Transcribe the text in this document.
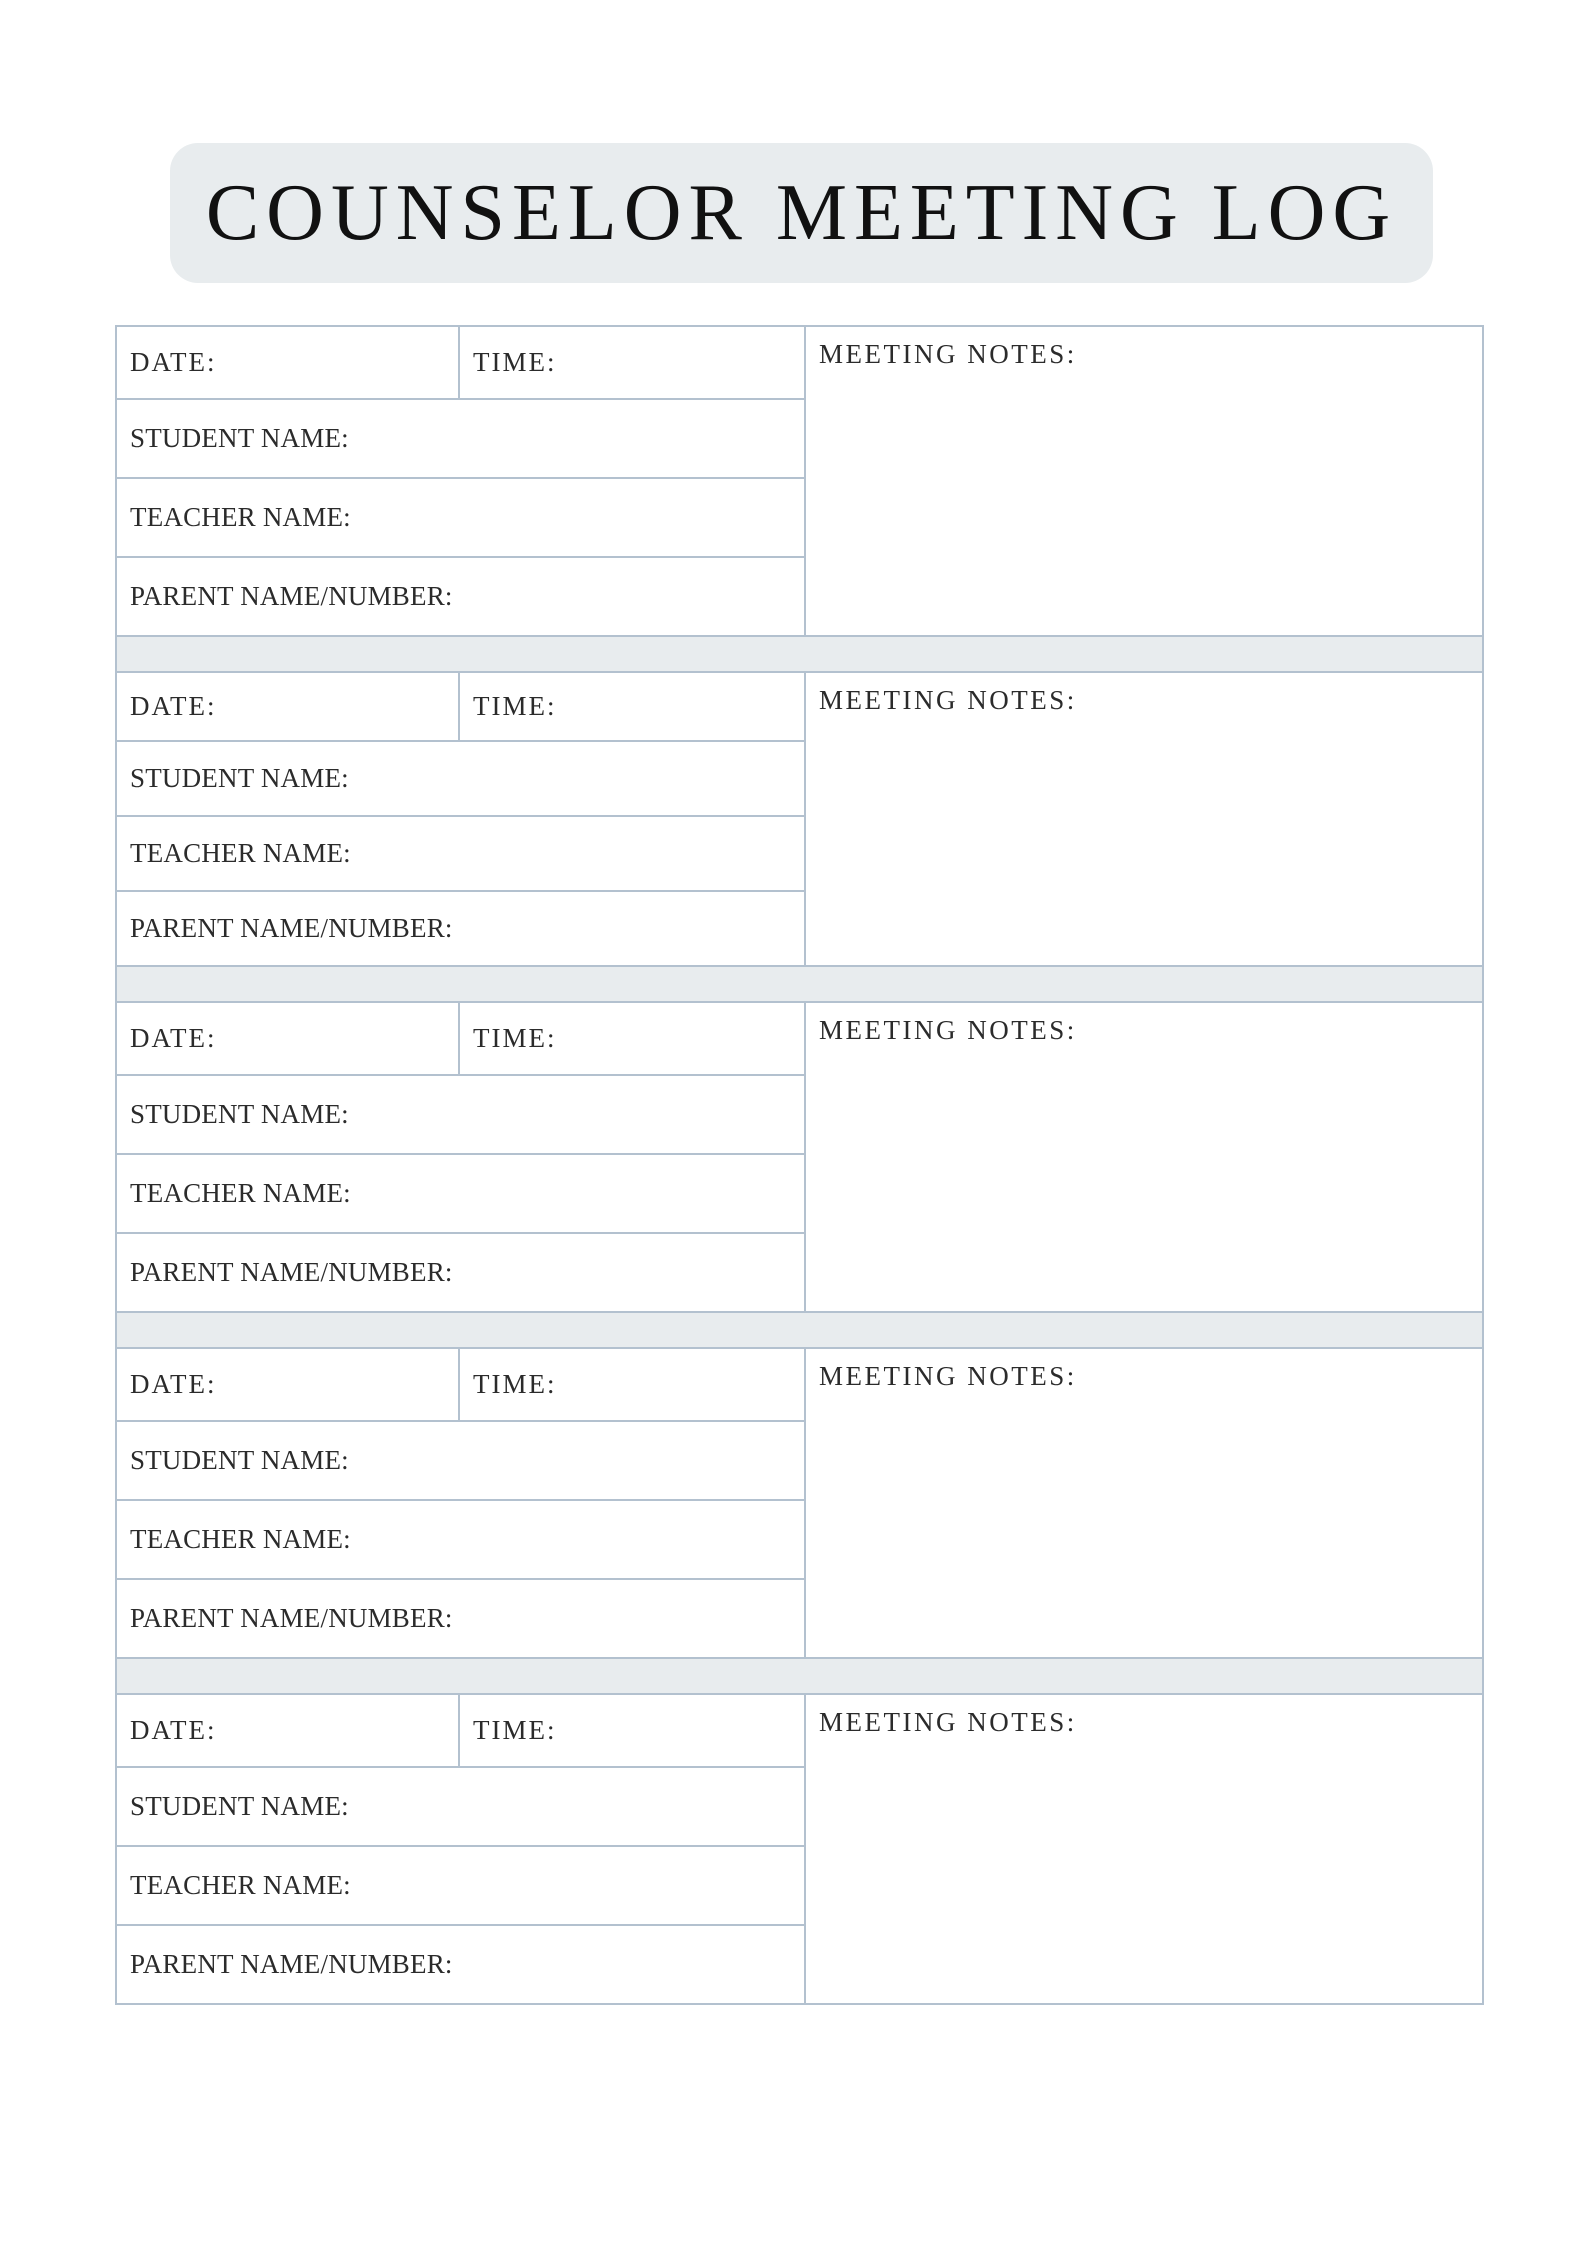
COUNSELOR MEETING LOG
DATE:	TIME:
STUDENT NAME:
TEACHER NAME:
PARENT NAME/NUMBER:
MEETING NOTES:
DATE:	TIME:
STUDENT NAME:
TEACHER NAME:
PARENT NAME/NUMBER:
MEETING NOTES:
DATE:	TIME:
STUDENT NAME:
TEACHER NAME:
PARENT NAME/NUMBER:
MEETING NOTES:
DATE:	TIME:
STUDENT NAME:
TEACHER NAME:
PARENT NAME/NUMBER:
MEETING NOTES:
DATE:	TIME:
STUDENT NAME:
TEACHER NAME:
PARENT NAME/NUMBER:
MEETING NOTES:
